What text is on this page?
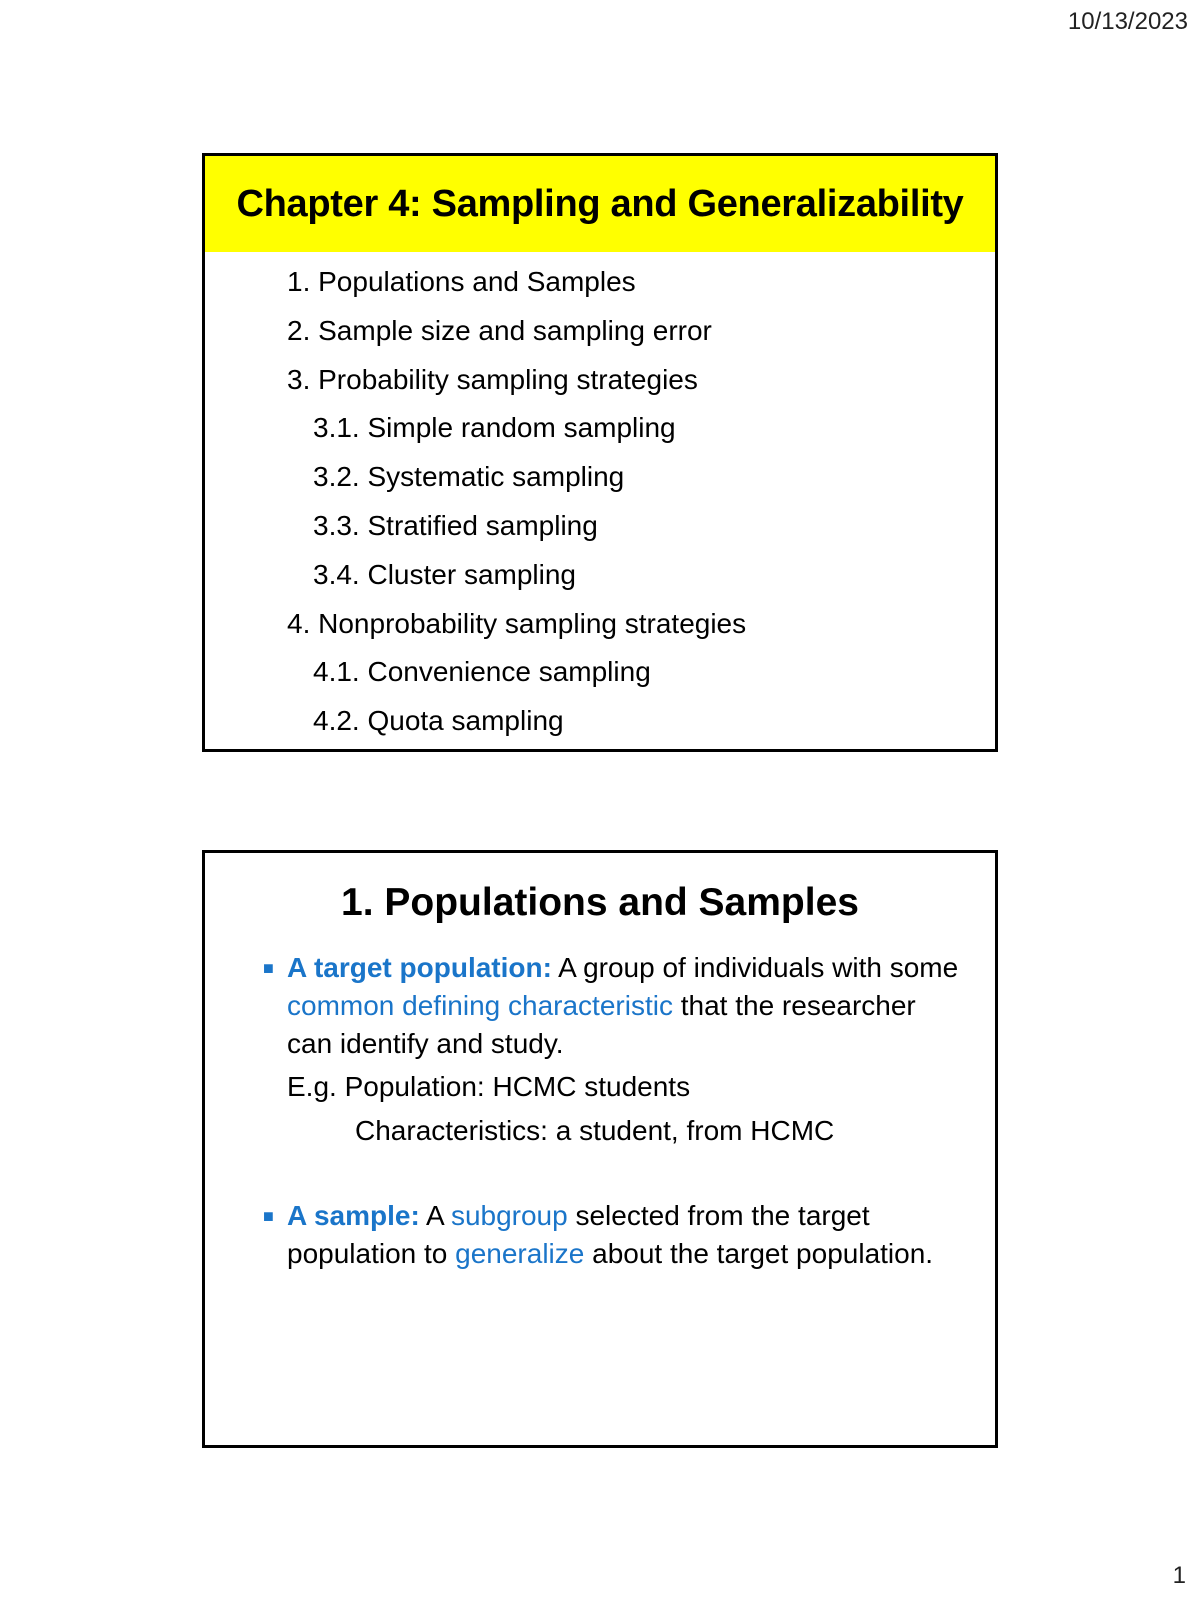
10/13/2023
Chapter 4: Sampling and Generalizability
1. Populations and Samples
2. Sample size and sampling error
3. Probability sampling strategies
3.1. Simple random sampling
3.2. Systematic sampling
3.3. Stratified sampling
3.4. Cluster sampling
4. Nonprobability sampling strategies
4.1. Convenience sampling
4.2. Quota sampling
1. Populations and Samples
■ A target population: A group of individuals with some common defining characteristic that the researcher can identify and study.
E.g. Population: HCMC students
Characteristics: a student, from HCMC
■ A sample: A subgroup selected from the target population to generalize about the target population.
1
